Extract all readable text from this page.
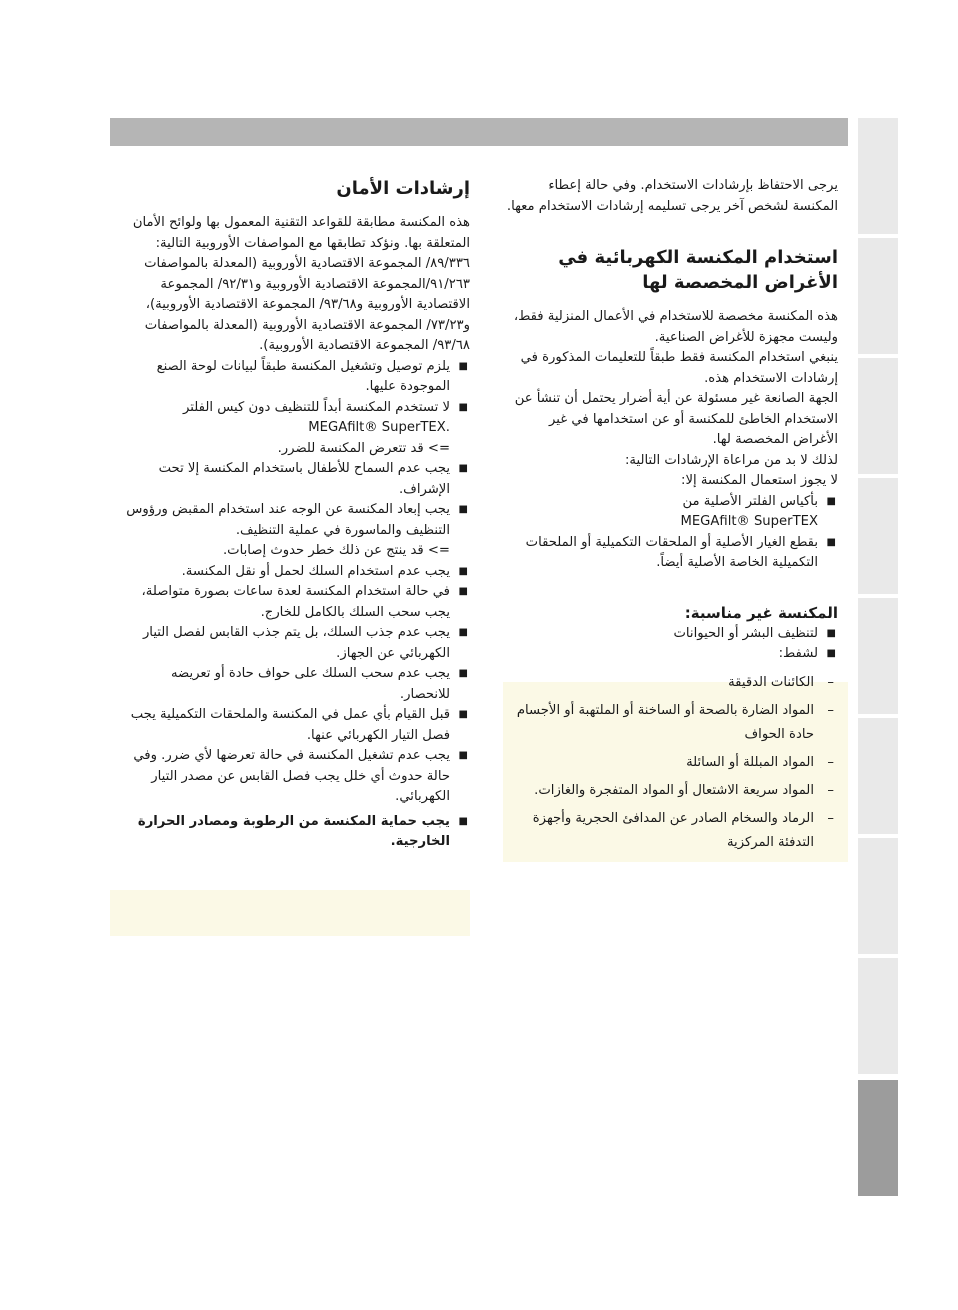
يرجى الاحتفاظ بإرشادات الاستخدام. وفي حالة إعطاء المكنسة لشخص آخر يرجى تسليمه إرشادات الاستخدام معها.

استخدام المكنسة الكهربائية في الأغراض المخصصة لها

هذه المكنسة مخصصة للاستخدام في الأعمال المنزلية فقط، وليست مجهزة للأغراض الصناعية.

ينبغي استخدام المكنسة فقط طبقاً للتعليمات المذكورة في إرشادات الاستخدام هذه.

الجهة الصانعة غير مسئولة عن أية أضرار يحتمل أن تنشأ عن الاستخدام الخاطئ للمكنسة أو عن استخدامها في غير الأغراض المخصصة لها.

لذلك لا بد من مراعاة الإرشادات التالية:

لا يجوز استعمال المكنسة إلا:

■ بأكياس الفلتر الأصلية من
MEGAfilt® SuperTEX
■ بقطع الغيار الأصلية أو الملحقات التكميلية أو الملحقات التكميلية الخاصة الأصلية أيضاً.
المكنسة غير مناسبة:
■ لتنظيف البشر أو الحيوانات
■ لشفط:
– الكائنات الدقيقة
– المواد الضارة بالصحة أو الساخنة أو الملتهبة أو الأجسام حادة الحواف
– المواد المبللة أو السائلة
– المواد سريعة الاشتعال أو المواد المتفجرة والغازات.
– الرماد والسخام الصادر عن المدافئ الحجرية وأجهزة التدفئة المركزية
إرشادات الأمان

هذه المكنسة مطابقة للقواعد التقنية المعمول بها ولوائح الأمان المتعلقة بها. ونؤكد تطابقها مع المواصفات الأوروبية التالية:

٨٩/٣٣٦/ المجموعة الاقتصادية الأوروبية (المعدلة بالمواصفات ٩١/٢٦٣/المجموعة الاقتصادية الأوروبية و٩٢/٣١/ المجموعة الاقتصادية الأوروبية و٩٣/٦٨/ المجموعة الاقتصادية الأوروبية)، و٧٣/٢٣/ المجموعة الاقتصادية الأوروبية (المعدلة بالمواصفات ٩٣/٦٨/ المجموعة الاقتصادية الأوروبية).

■ يلزم توصيل وتشغيل المكنسة طبقاً لبيانات لوحة الصنع الموجودة عليها.
■ لا تستخدم المكنسة أبداً للتنظيف دون كيس الفلتر
MEGAfilt® SuperTEX.

=> قد تتعرض المكنسة للضرر.

■ يجب عدم السماح للأطفال باستخدام المكنسة إلا تحت الإشراف.
■ يجب إبعاد المكنسة عن الوجه عند استخدام المقبض ورؤوس التنظيف والماسورة في عملية التنظيف.

=> قد ينتج عن ذلك خطر حدوث إصابات.

■ يجب عدم استخدام السلك لحمل أو نقل المكنسة.
■ في حالة استخدام المكنسة لعدة ساعات بصورة متواصلة، يجب سحب السلك بالكامل للخارج.
■ يجب عدم جذب السلك، بل يتم جذب القابس لفصل التيار الكهربائي عن الجهاز.
■ يجب عدم سحب السلك على حواف حادة أو تعريضه للانحصار.
■ قبل القيام بأي عمل في المكنسة والملحقات التكميلية يجب فصل التيار الكهربائي عنها.
■ يجب عدم تشغيل المكنسة في حالة تعرضها لأي ضرر. وفي حالة حدوث أي خلل يجب فصل القابس عن مصدر التيار الكهربائي.
■ يجب حماية المكنسة من الرطوبة ومصادر الحرارة الخارجية.
